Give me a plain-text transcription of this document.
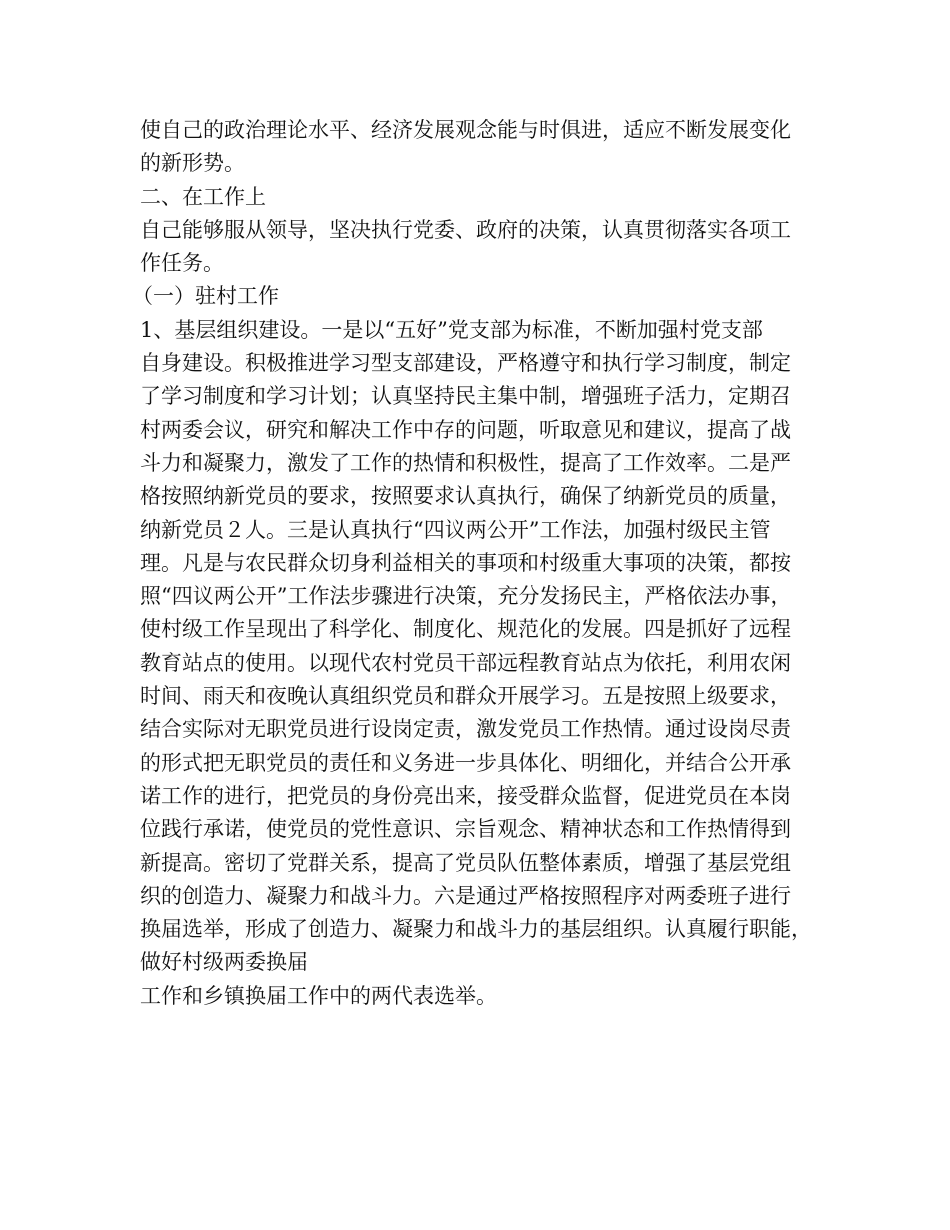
使自己的政治理论水平、经济发展观念能与时俱进，适应不断发展变化
的新形势。
二、在工作上
自己能够服从领导，坚决执行党委、政府的决策，认真贯彻落实各项工
作任务。
（一）驻村工作
1、基层组织建设。一是以“五好”党支部为标准，不断加强村党支部
自身建设。积极推进学习型支部建设，严格遵守和执行学习制度，制定
了学习制度和学习计划；认真坚持民主集中制，增强班子活力，定期召
村两委会议，研究和解决工作中存的问题，听取意见和建议，提高了战
斗力和凝聚力，激发了工作的热情和积极性，提高了工作效率。二是严
格按照纳新党员的要求，按照要求认真执行，确保了纳新党员的质量，
纳新党员２人。三是认真执行“四议两公开”工作法，加强村级民主管
理。凡是与农民群众切身利益相关的事项和村级重大事项的决策，都按
照“四议两公开”工作法步骤进行决策，充分发扬民主，严格依法办事，
使村级工作呈现出了科学化、制度化、规范化的发展。四是抓好了远程
教育站点的使用。以现代农村党员干部远程教育站点为依托，利用农闲
时间、雨天和夜晚认真组织党员和群众开展学习。五是按照上级要求，
结合实际对无职党员进行设岗定责，激发党员工作热情。通过设岗尽责
的形式把无职党员的责任和义务进一步具体化、明细化，并结合公开承
诺工作的进行，把党员的身份亮出来，接受群众监督，促进党员在本岗
位践行承诺，使党员的党性意识、宗旨观念、精神状态和工作热情得到
新提高。密切了党群关系，提高了党员队伍整体素质，增强了基层党组
织的创造力、凝聚力和战斗力。六是通过严格按照程序对两委班子进行
换届选举，形成了创造力、凝聚力和战斗力的基层组织。认真履行职能，
做好村级两委换届
工作和乡镇换届工作中的两代表选举。
